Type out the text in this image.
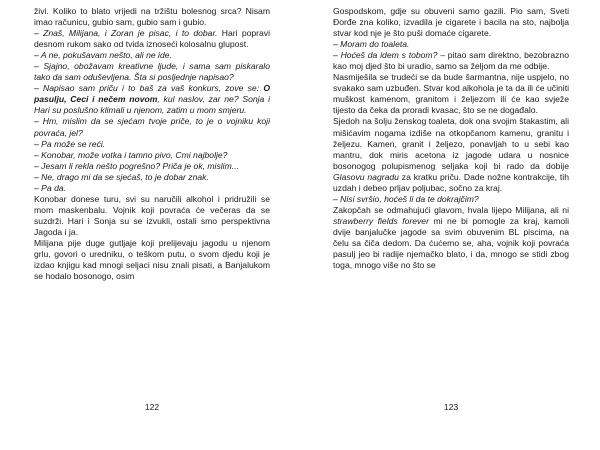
živi. Koliko to blato vrijedi na tržištu bolesnog srca? Nisam imao računicu, gubio sam, gubio sam i gubio.

– Znaš, Milijana, i Zoran je pisac, i to dobar. Hari popravi desnom rukom sako od tvida iznoseći kolosalnu glupost.

– A ne, pokušavam nešto, ali ne ide.

– Sjajno, obožavam kreativne ljude, i sama sam piskaralo tako da sam oduševljena. Šta si posljednje napisao?

– Napisao sam priču i to baš za vaš konkurs, zove se: O pasulju, Ceci i nečem novom, kul naslov, zar ne? Sonja i Hari su poslušno klimali u njenom, zatim u mom smjeru.

– Hm, mislim da se sjećam tvoje priče, to je o vojniku koji povraća, jel?

– Pa može se reći.

– Konobar, može votka i tamno pivo, Cmi najbolje?

– Jesam li rekla nešto pogrešno? Priča je ok, mislim...

– Ne, drago mi da se sjećaš, to je dobar znak.

– Pa da.

Konobar donese turu, svi su naručili alkohol i pridružili se mom maskenbalu. Vojnik koji povraća će večeras da se suzdrži. Hari i Sonja su se izvukli, ostali smo perspektivna Jagoda i ja.

Milijana pije duge gutljaje koji prelijevaju jagodu u njenom grlu, govori o uredniku, o teškom putu, o svom djedu koji je izdao knjigu kad mnogi seljaci nisu znali pisati, a Banjalukom se hodalo bosonogo, osim

Gospodskom, gdje su obuveni samo gazili. Pio sam, Sveti Đorđe zna koliko, izvadila je cigarete i bacila na sto, najbolja stvar kod nje je što puši domaće cigarete.

– Moram do toaleta.

– Hoćeš da idem s tobom? – pitao sam direktno, bezobrazno kao moj djed što bi uradio, samo sa željom da me odbije.

Nasmiješila se trudeći se da bude šarmantna, nije uspjelo, no svakako sam uzbuđen. Stvar kod alkohola je ta da ili će učiniti muškost kamenom, granitom i željezom ili će kao svježe tijesto da čeka da proradi kvasac, što se ne događalo.

Sjedoh na šolju ženskog toaleta, dok ona svojim štakastim, ali mišićavim nogama izdiše na otkopčanom kamenu, granitu i željezu. Kamen, granit i željezo, ponavljah to u sebi kao mantru, dok miris acetona iz jagode udara u nosnice bosonogog polupismenog seljaka koji bi rado da dobije Glasovu nagradu za kratku priču. Dade nožne kontrakcije, tih uzdah i debeo prljav poljubac, sočno za kraj.

– Nisi svršio, hoćeš li da te dokrajčim?

Zakopčah se odmahujući glavom, hvala lijepo Milijana, ali ni strawberry fields forever mi ne bi pomogle za kraj, kamoli dvije banjalučke jagode sa svim obuvenim BL piscima, na čelu sa čiča dedom. Da ćućemo se, aha, vojnik koji povraća pasulj jeo bi radije njemačko blato, i da, mnogo se stidi zbog toga, mnogo više no što se

122	123
